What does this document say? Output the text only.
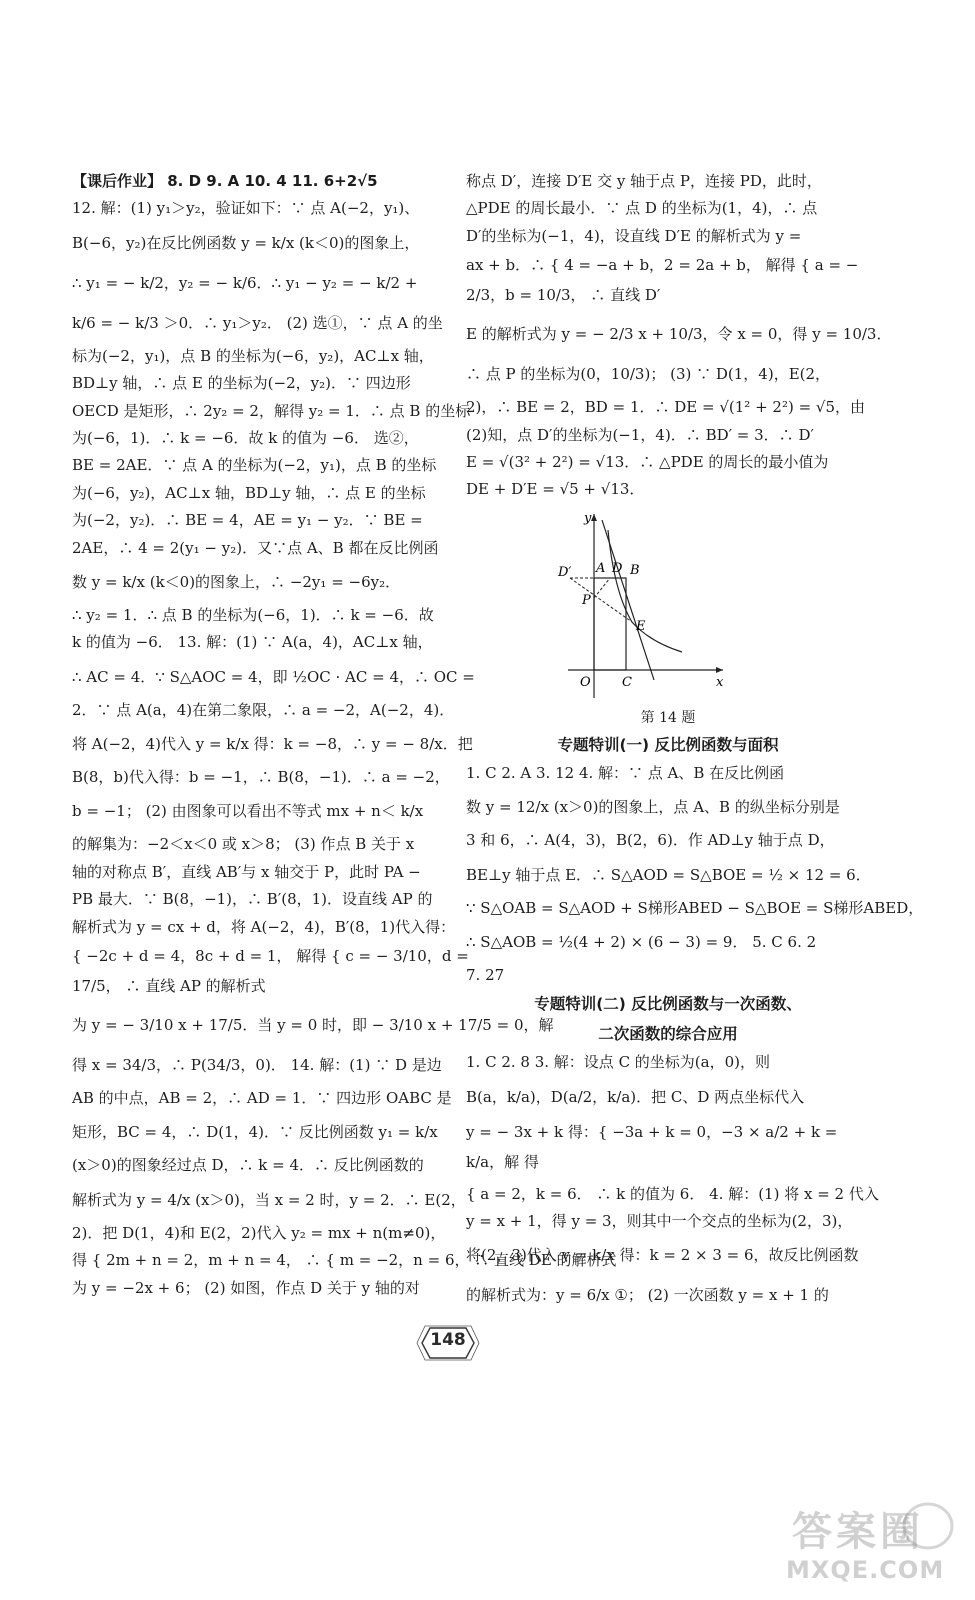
【课后作业】 8. D 9. A 10. 4 11. 6+2√5
12. 解：(1) y₁＞y₂，验证如下：∵ 点 A(−2，y₁)、
B(−6，y₂)在反比例函数 y = k/x (k＜0)的图象上，
∴ y₁ = − k/2，y₂ = − k/6．∴ y₁ − y₂ = − k/2 +
k/6 = − k/3 ＞0．∴ y₁＞y₂． (2) 选①，∵ 点 A 的坐
标为(−2，y₁)，点 B 的坐标为(−6，y₂)，AC⊥x 轴，
BD⊥y 轴，∴ 点 E 的坐标为(−2，y₂)．∵ 四边形
OECD 是矩形，∴ 2y₂ = 2，解得 y₂ = 1．∴ 点 B 的坐标
为(−6，1)．∴ k = −6．故 k 的值为 −6． 选②，
BE = 2AE．∵ 点 A 的坐标为(−2，y₁)，点 B 的坐标
为(−6，y₂)，AC⊥x 轴，BD⊥y 轴，∴ 点 E 的坐标
为(−2，y₂)．∴ BE = 4，AE = y₁ − y₂．∵ BE =
2AE，∴ 4 = 2(y₁ − y₂)．又∵点 A、B 都在反比例函
数 y = k/x (k＜0)的图象上，∴ −2y₁ = −6y₂．
∴ y₂ = 1．∴ 点 B 的坐标为(−6，1)．∴ k = −6．故
k 的值为 −6． 13. 解：(1) ∵ A(a，4)，AC⊥x 轴，
∴ AC = 4．∵ S△AOC = 4，即 ½OC · AC = 4，∴ OC =
2．∵ 点 A(a，4)在第二象限，∴ a = −2，A(−2，4)．
将 A(−2，4)代入 y = k/x 得：k = −8，∴ y = − 8/x．把
B(8，b)代入得：b = −1，∴ B(8，−1)．∴ a = −2，
b = −1； (2) 由图象可以看出不等式 mx + n＜ k/x
的解集为：−2＜x＜0 或 x＞8； (3) 作点 B 关于 x
轴的对称点 B′，直线 AB′与 x 轴交于 P，此时 PA −
PB 最大．∵ B(8，−1)，∴ B′(8，1)．设直线 AP 的
解析式为 y = cx + d，将 A(−2，4)，B′(8，1)代入得：
{ −2c + d = 4，8c + d = 1， 解得 { c = − 3/10，d = 17/5， ∴ 直线 AP 的解析式
为 y = − 3/10 x + 17/5．当 y = 0 时，即 − 3/10 x + 17/5 = 0，解
得 x = 34/3，∴ P(34/3，0)． 14. 解：(1) ∵ D 是边
AB 的中点，AB = 2，∴ AD = 1．∵ 四边形 OABC 是
矩形，BC = 4，∴ D(1，4)．∵ 反比例函数 y₁ = k/x
(x＞0)的图象经过点 D，∴ k = 4．∴ 反比例函数的
解析式为 y = 4/x (x＞0)，当 x = 2 时，y = 2．∴ E(2，
2)．把 D(1，4)和 E(2，2)代入 y₂ = mx + n(m≠0)，
得 { 2m + n = 2，m + n = 4， ∴ { m = −2，n = 6， ∴ 直线 DE 的解析式
为 y = −2x + 6； (2) 如图，作点 D 关于 y 轴的对
称点 D′，连接 D′E 交 y 轴于点 P，连接 PD，此时，
△PDE 的周长最小．∵ 点 D 的坐标为(1，4)，∴ 点
D′的坐标为(−1，4)，设直线 D′E 的解析式为 y =
ax + b．∴ { 4 = −a + b，2 = 2a + b， 解得 { a = − 2/3，b = 10/3， ∴ 直线 D′
E 的解析式为 y = − 2/3 x + 10/3，令 x = 0，得 y = 10/3．
∴ 点 P 的坐标为(0，10/3)； (3) ∵ D(1，4)，E(2，
2)，∴ BE = 2，BD = 1．∴ DE = √(1² + 2²) = √5，由
(2)知，点 D′的坐标为(−1，4)．∴ BD′ = 3．∴ D′
E = √(3² + 2²) = √13．∴ △PDE 的周长的最小值为
DE + D′E = √5 + √13．
y
D′ A D B
E
P
O C	x
第 14 题
专题特训(一) 反比例函数与面积
1. C 2. A 3. 12 4. 解：∵ 点 A、B 在反比例函
数 y = 12/x (x＞0)的图象上，点 A、B 的纵坐标分别是
3 和 6，∴ A(4，3)，B(2，6)．作 AD⊥y 轴于点 D，
BE⊥y 轴于点 E．∴ S△AOD = S△BOE = ½ × 12 = 6．
∵ S△OAB = S△AOD + S梯形ABED − S△BOE = S梯形ABED，
∴ S△AOB = ½(4 + 2) × (6 − 3) = 9． 5. C 6. 2
7. 27
专题特训(二) 反比例函数与一次函数、
二次函数的综合应用
1. C 2. 8 3. 解：设点 C 的坐标为(a，0)，则
B(a，k/a)，D(a/2，k/a)．把 C、D 两点坐标代入
y = − 3x + k 得：{ −3a + k = 0，−3 × a/2 + k = k/a，解 得
{ a = 2，k = 6． ∴ k 的值为 6． 4. 解：(1) 将 x = 2 代入
y = x + 1，得 y = 3，则其中一个交点的坐标为(2，3)，
将(2，3)代入 y = k/x 得：k = 2 × 3 = 6，故反比例函数
的解析式为：y = 6/x ①； (2) 一次函数 y = x + 1 的
148
答案圈
MXQE.COM
